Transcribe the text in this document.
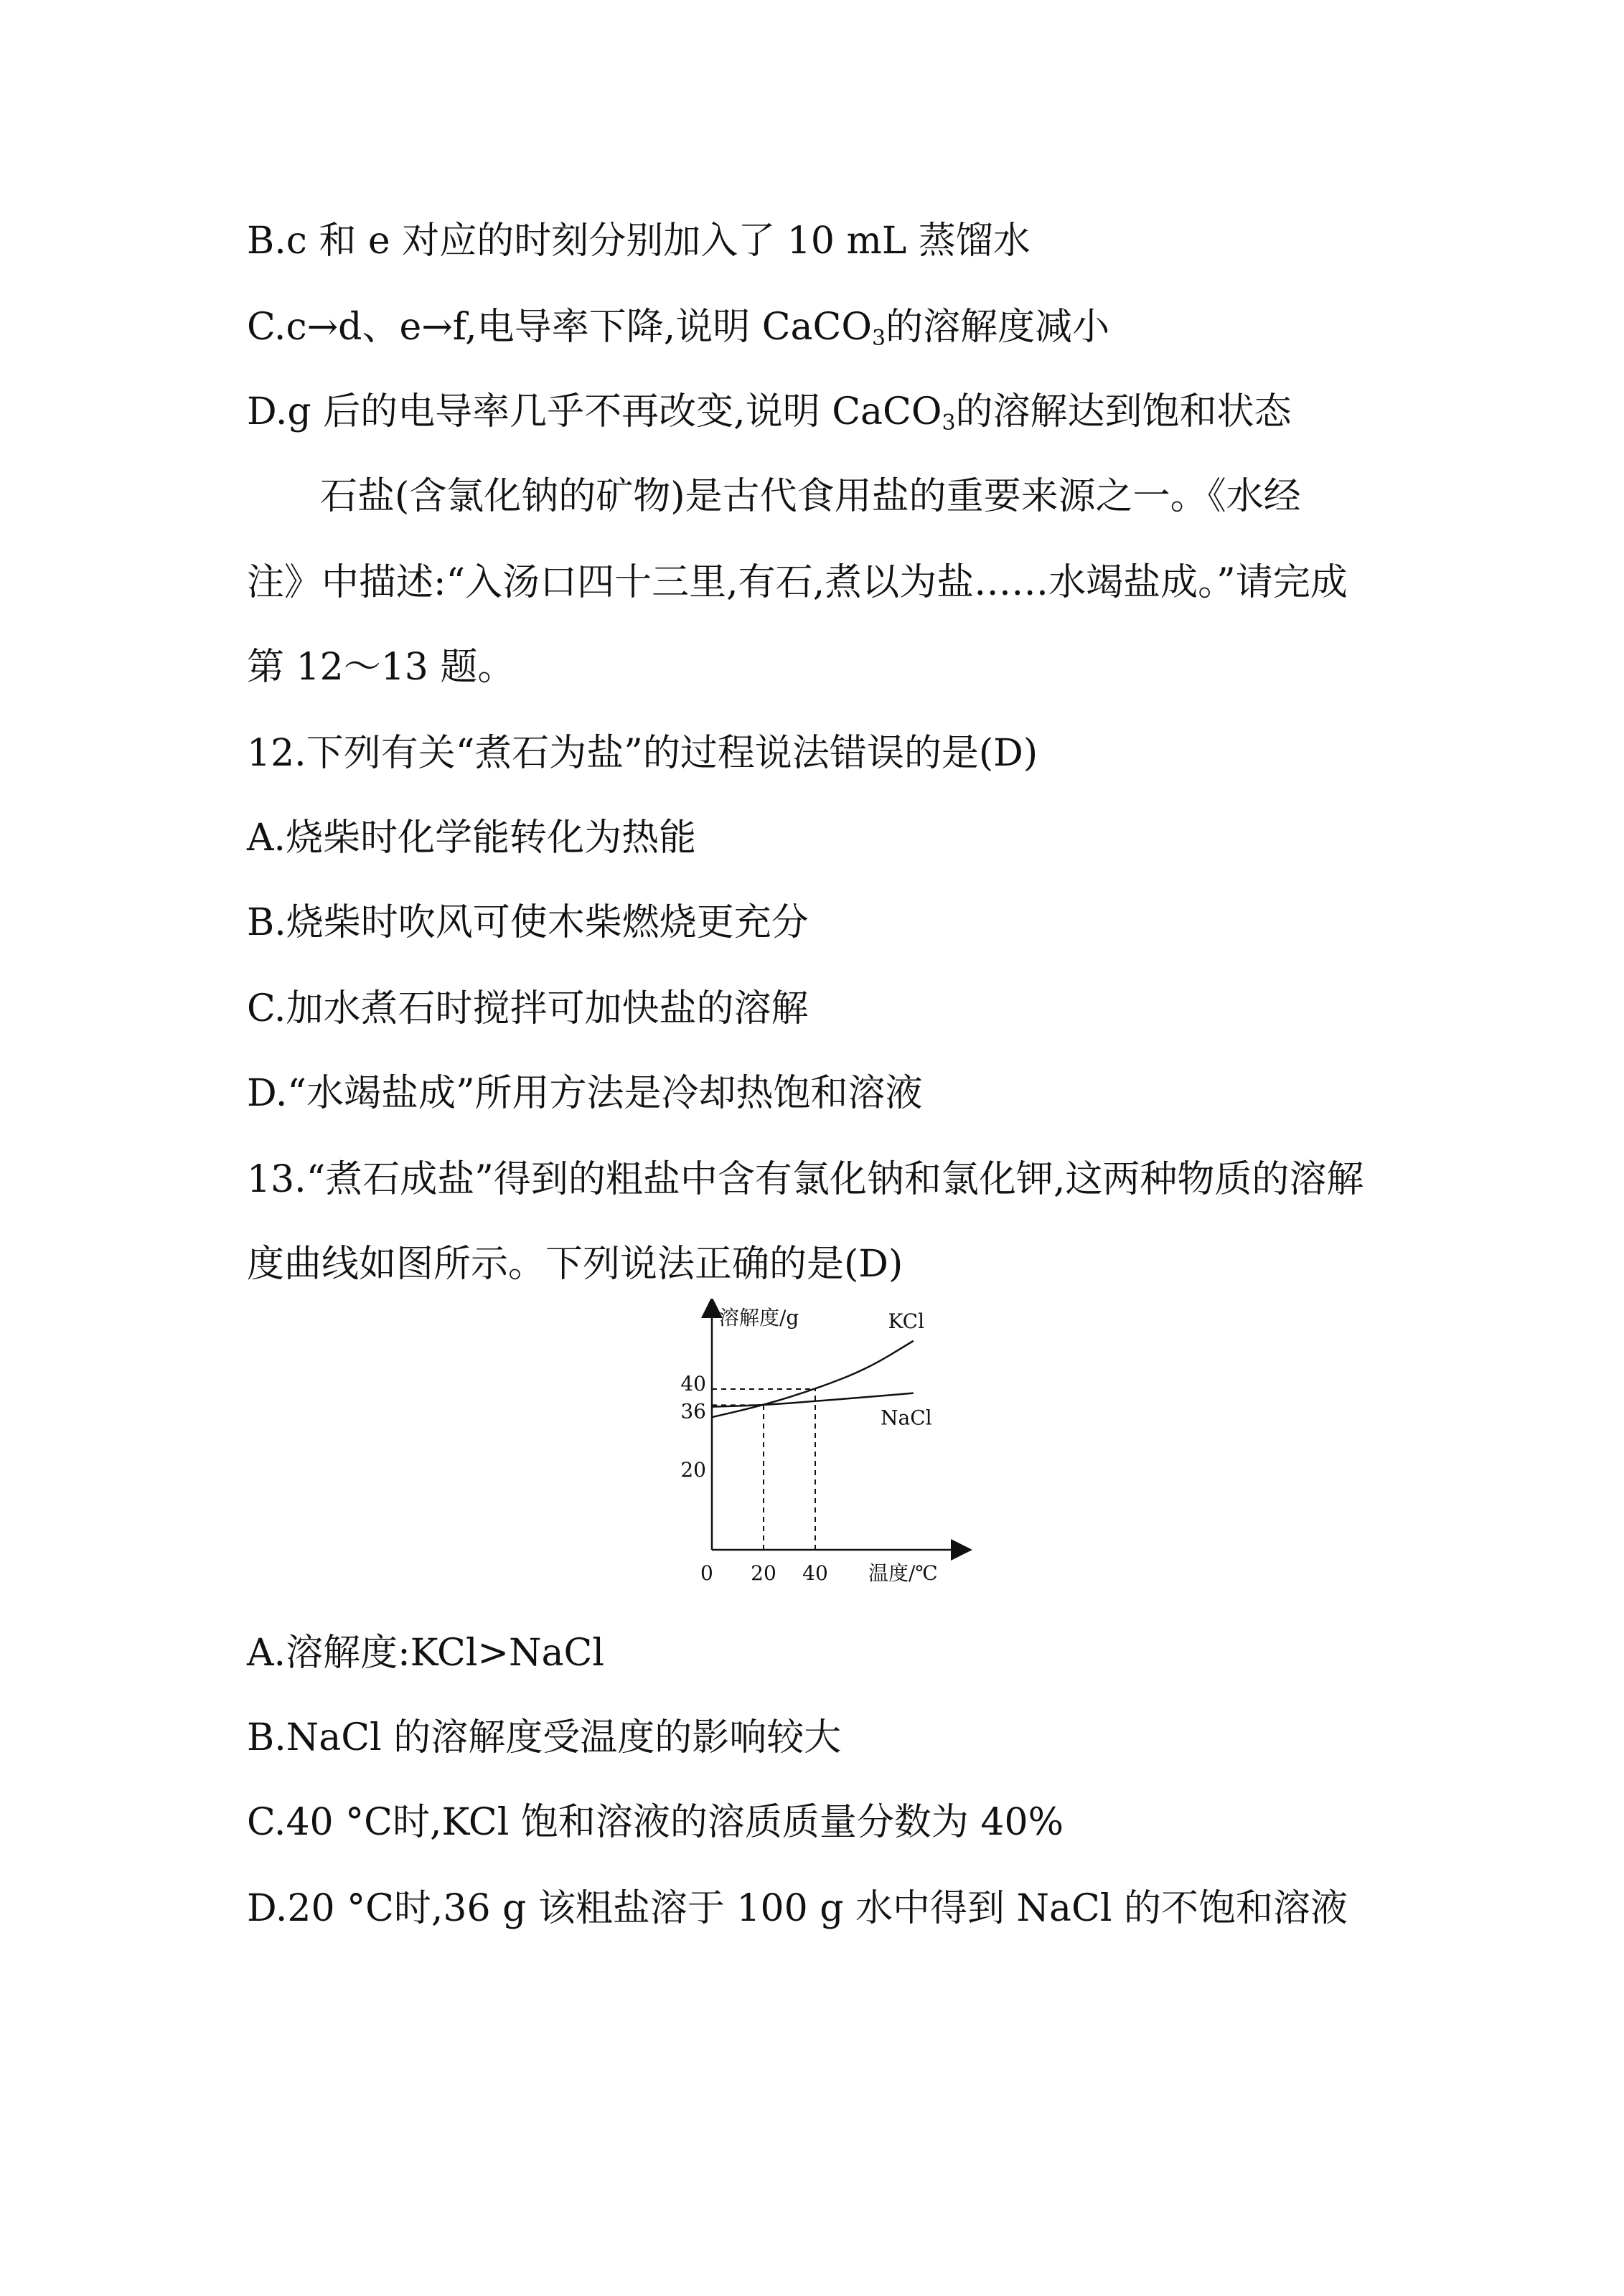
B.c 和 e 对应的时刻分别加入了 10 mL 蒸馏水
C.c→d、e→f,电导率下降,说明 CaCO$_3$的溶解度减小
D.g 后的电导率几乎不再改变,说明 CaCO$_3$的溶解达到饱和状态
石盐(含氯化钠的矿物)是古代食用盐的重要来源之一。《水经
注》中描述:“入汤口四十三里,有石,煮以为盐……水竭盐成。”请完成
第 12～13 题。
12.下列有关“煮石为盐”的过程说法错误的是(D)
A.烧柴时化学能转化为热能
B.烧柴时吹风可使木柴燃烧更充分
C.加水煮石时搅拌可加快盐的溶解
D.“水竭盐成”所用方法是冷却热饱和溶液
13.“煮石成盐”得到的粗盐中含有氯化钠和氯化钾,这两种物质的溶解
度曲线如图所示。下列说法正确的是(D)
溶解度/g
温度/℃
0 20 40
20
36
40
KCl
NaCl
A.溶解度:KCl>NaCl
B.NaCl 的溶解度受温度的影响较大
C.40 °C时,KCl 饱和溶液的溶质质量分数为 40%
D.20 °C时,36 g 该粗盐溶于 100 g 水中得到 NaCl 的不饱和溶液
